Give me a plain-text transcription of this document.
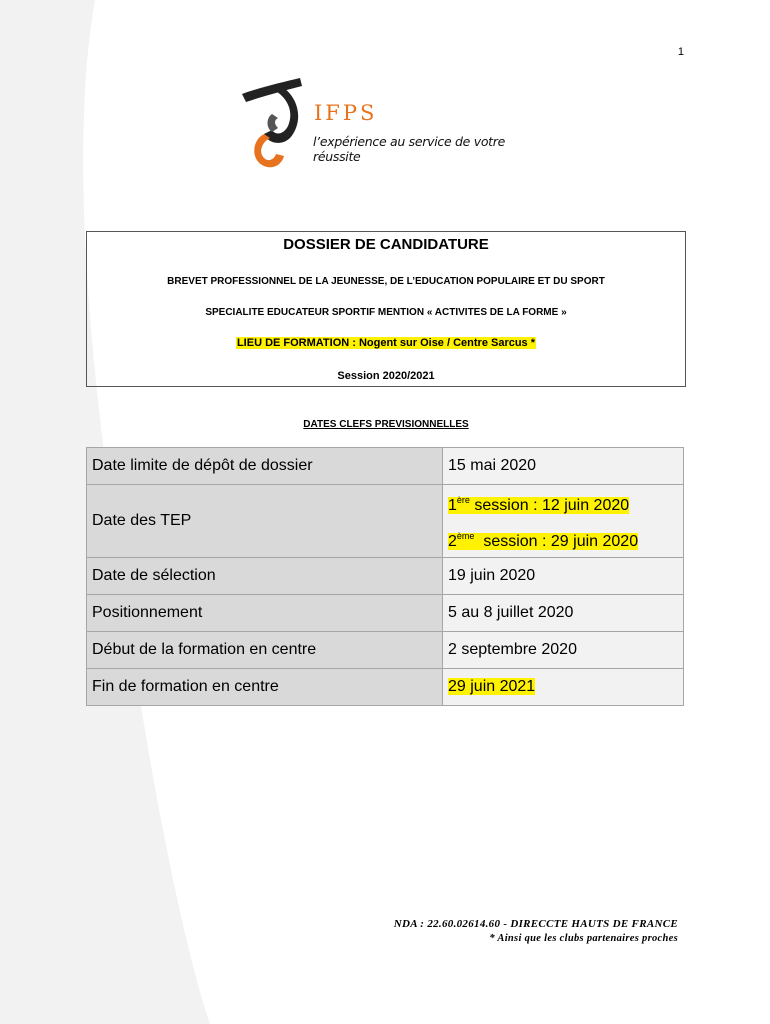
1
IFPS
l’expérience au service de votre réussite
DOSSIER DE CANDIDATURE
BREVET PROFESSIONNEL DE LA JEUNESSE, DE L’EDUCATION POPULAIRE ET DU SPORT
SPECIALITE EDUCATEUR SPORTIF MENTION « ACTIVITES DE LA FORME »
LIEU DE FORMATION : Nogent sur Oise / Centre Sarcus *
Session 2020/2021
DATES CLEFS PREVISIONNELLES
Date limite de dépôt de dossier	15 mai 2020
Date des TEP	1ère session : 12 juin 2020
2ème  session : 29 juin 2020

Date de sélection	19 juin 2020
Positionnement	5 au 8 juillet 2020
Début de la formation en centre	2 septembre 2020
Fin de formation en centre	29 juin 2021
NDA : 22.60.02614.60 - DIRECCTE HAUTS DE FRANCE
* Ainsi que les clubs partenaires proches
